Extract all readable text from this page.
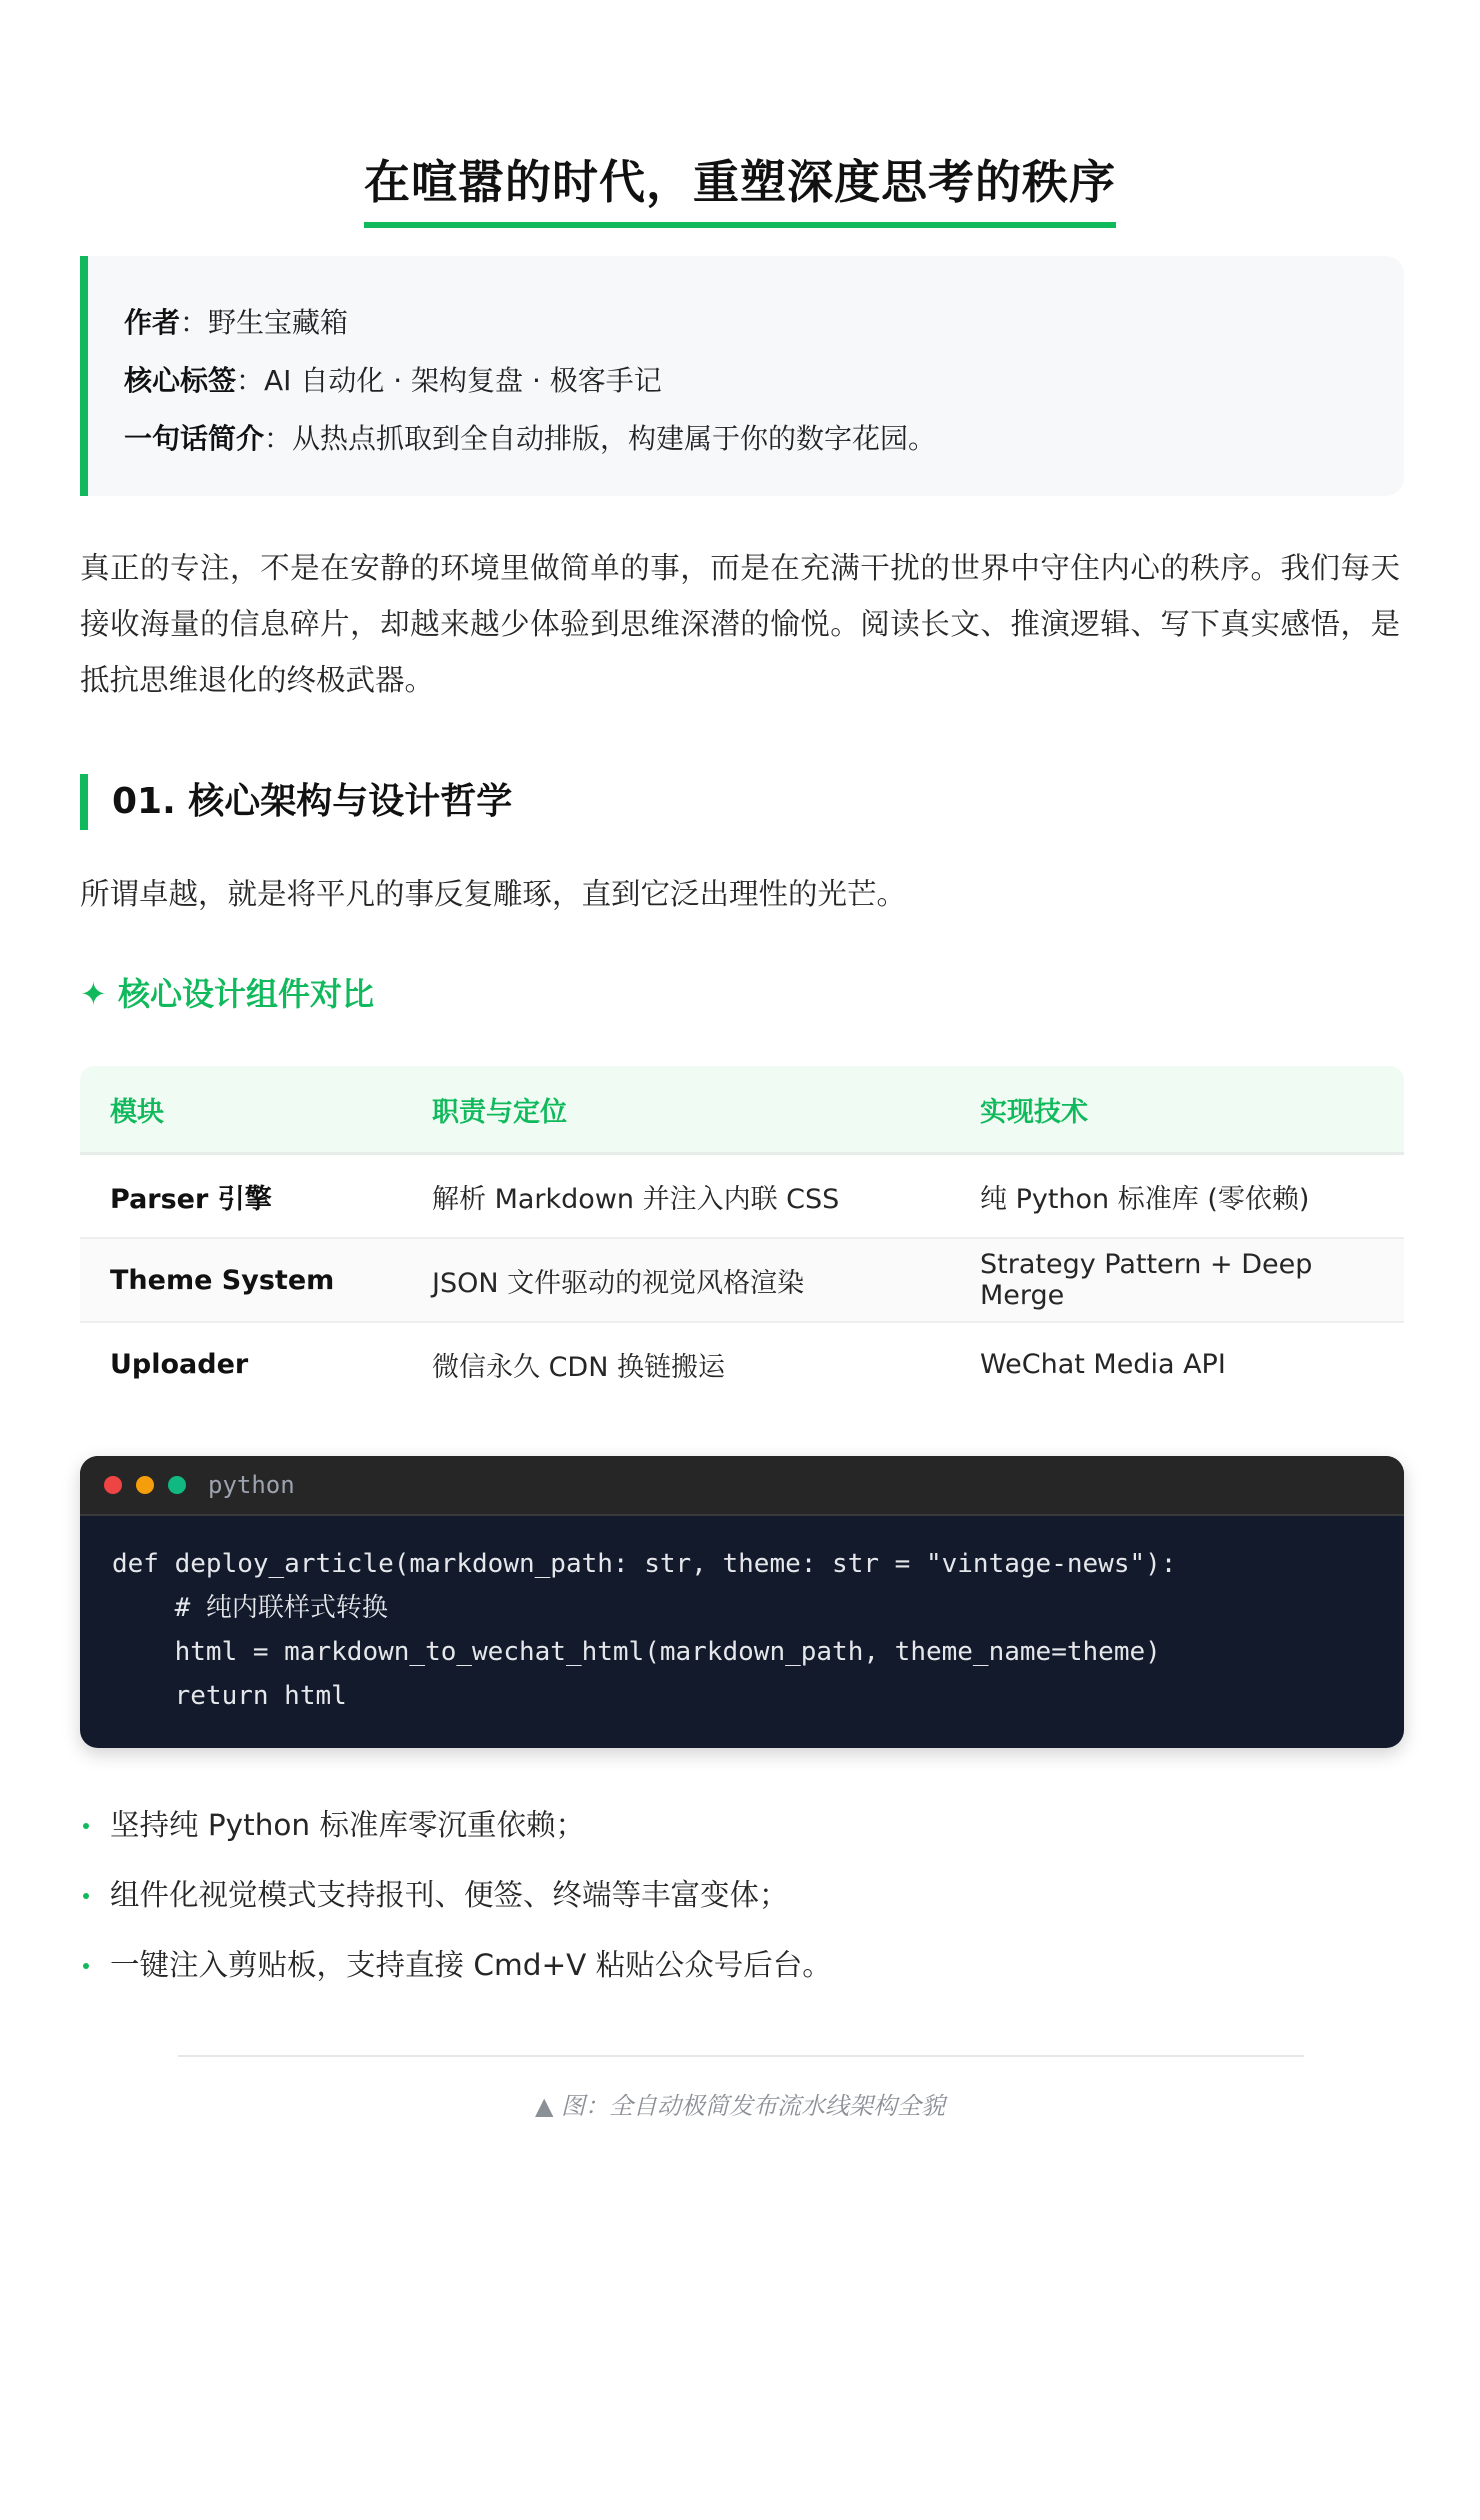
在喧嚣的时代，重塑深度思考的秩序
作者：野生宝藏箱
核心标签：AI 自动化 · 架构复盘 · 极客手记
一句话简介：从热点抓取到全自动排版，构建属于你的数字花园。

真正的专注，不是在安静的环境里做简单的事，而是在充满干扰的世界中守住内心的秩序。我们每天接收海量的信息碎片，却越来越少体验到思维深潜的愉悦。阅读长文、推演逻辑、写下真实感悟，是抵抗思维退化的终极武器。

01. 核心架构与设计哲学

所谓卓越，就是将平凡的事反复雕琢，直到它泛出理性的光芒。

✦ 核心设计组件对比
模块	职责与定位	实现技术
Parser 引擎	解析 Markdown 并注入内联 CSS	纯 Python 标准库 (零依赖)
Theme System	JSON 文件驱动的视觉风格渲染	Strategy Pattern + Deep Merge
Uploader	微信永久 CDN 换链搬运	WeChat Media API
python
def deploy_article(markdown_path: str, theme: str = "vintage-news"):
# 纯内联样式转换
html = markdown_to_wechat_html(markdown_path, theme_name=theme)
return html
坚持纯 Python 标准库零沉重依赖；
组件化视觉模式支持报刊、便签、终端等丰富变体；
一键注入剪贴板，支持直接 Cmd+V 粘贴公众号后台。
▲ 图：全自动极简发布流水线架构全貌
